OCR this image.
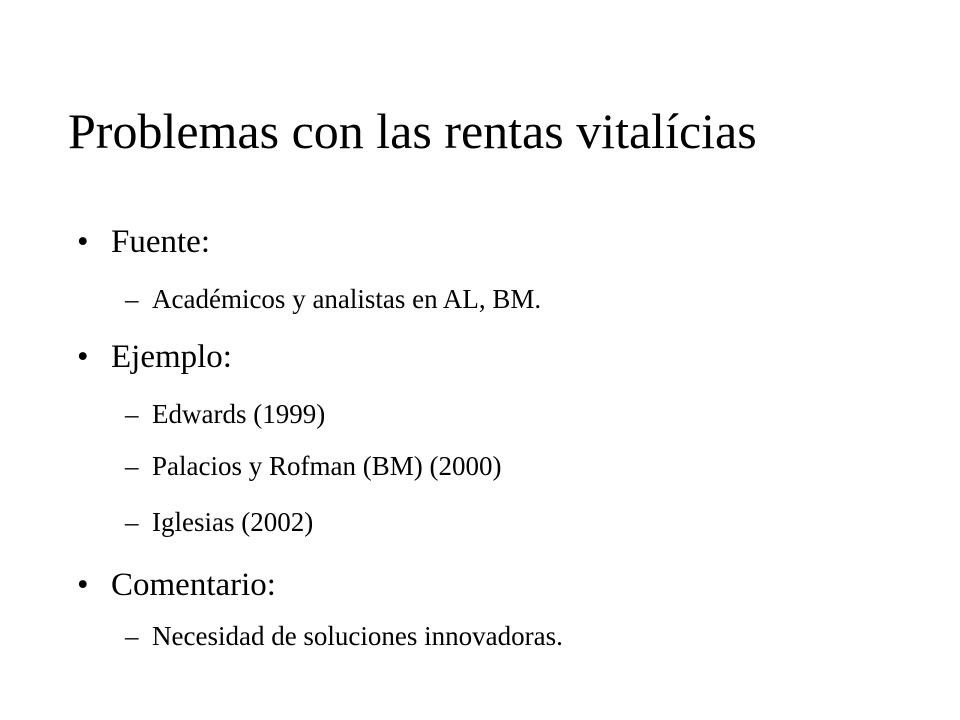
Problemas con las rentas vitalícias
• Fuente:
– Académicos y analistas en AL, BM.
• Ejemplo:
– Edwards (1999)
– Palacios y Rofman (BM) (2000)
– Iglesias (2002)
• Comentario:
– Necesidad de soluciones innovadoras.
